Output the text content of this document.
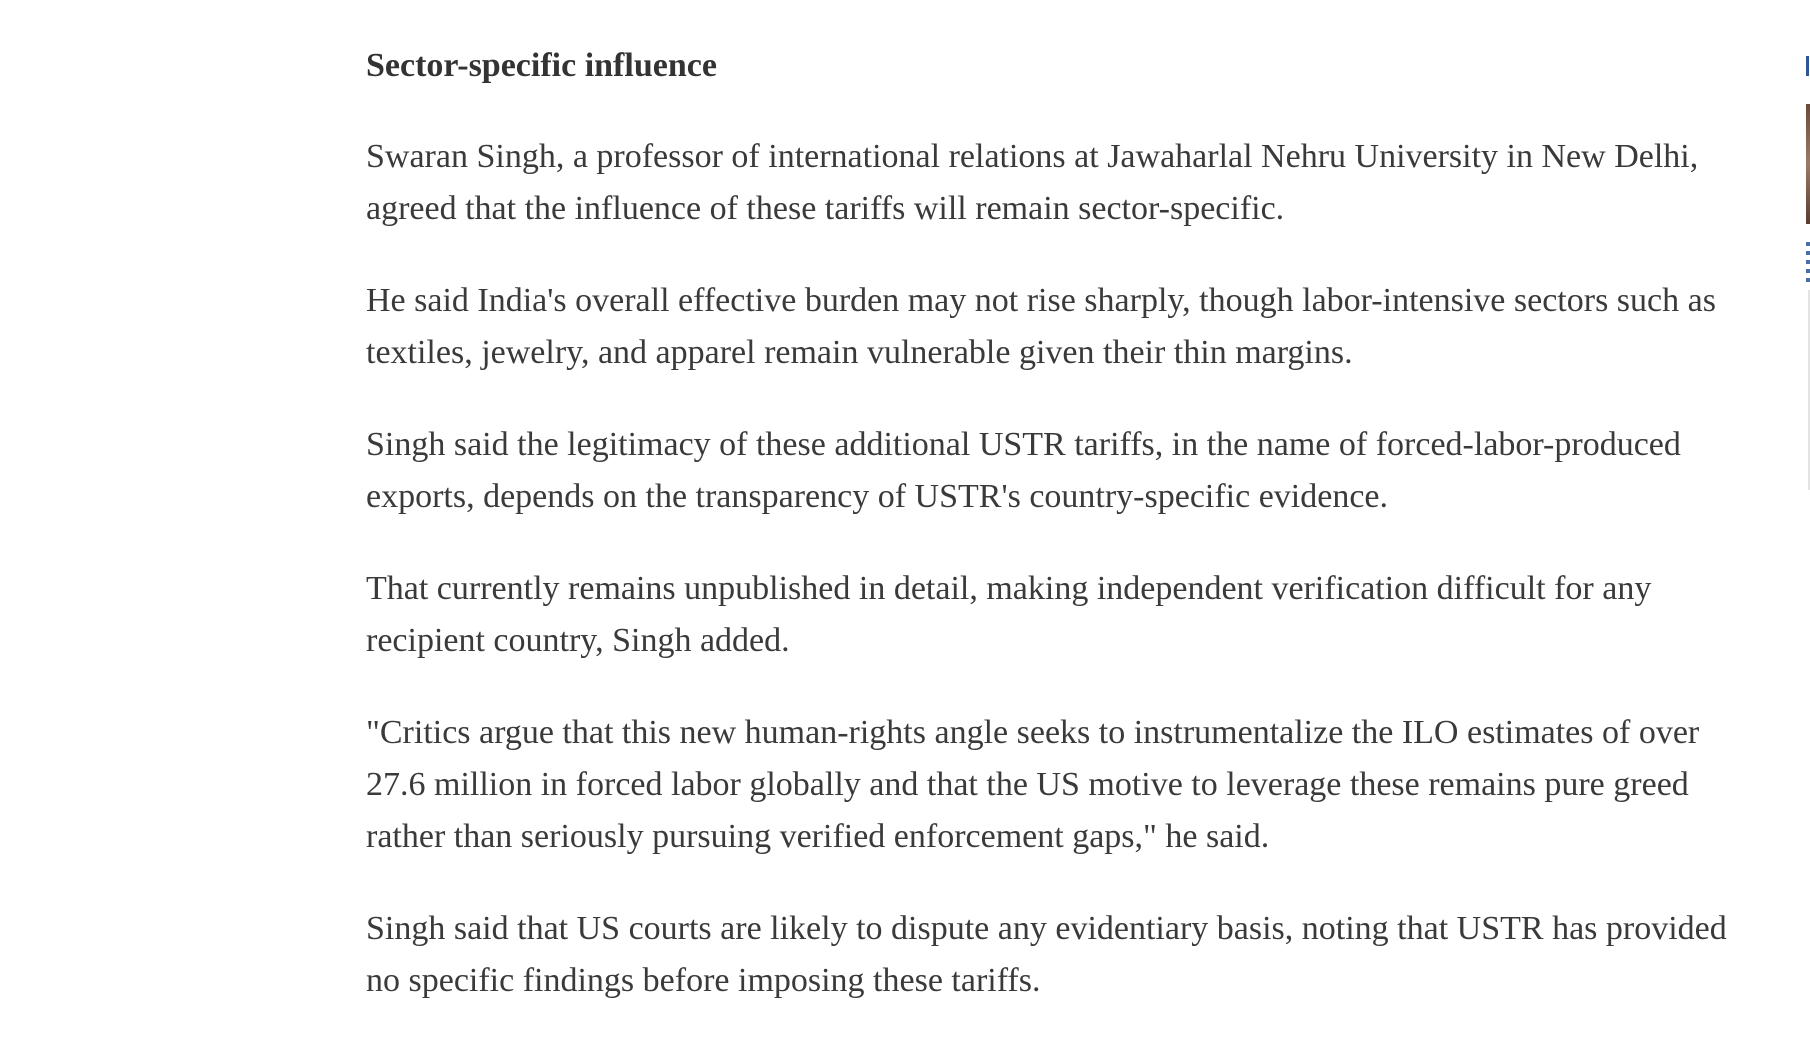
Sector-specific influence

Swaran Singh, a professor of international relations at Jawaharlal Nehru University in New Delhi, agreed that the influence of these tariffs will remain sector-specific.

He said India's overall effective burden may not rise sharply, though labor-intensive sectors such as textiles, jewelry, and apparel remain vulnerable given their thin margins.

Singh said the legitimacy of these additional USTR tariffs, in the name of forced-labor-produced exports, depends on the transparency of USTR's country-specific evidence.

That currently remains unpublished in detail, making independent verification difficult for any recipient country, Singh added.

"Critics argue that this new human-rights angle seeks to instrumentalize the ILO estimates of over 27.6 million in forced labor globally and that the US motive to leverage these remains pure greed rather than seriously pursuing verified enforcement gaps," he said.

Singh said that US courts are likely to dispute any evidentiary basis, noting that USTR has provided no specific findings before imposing these tariffs.
